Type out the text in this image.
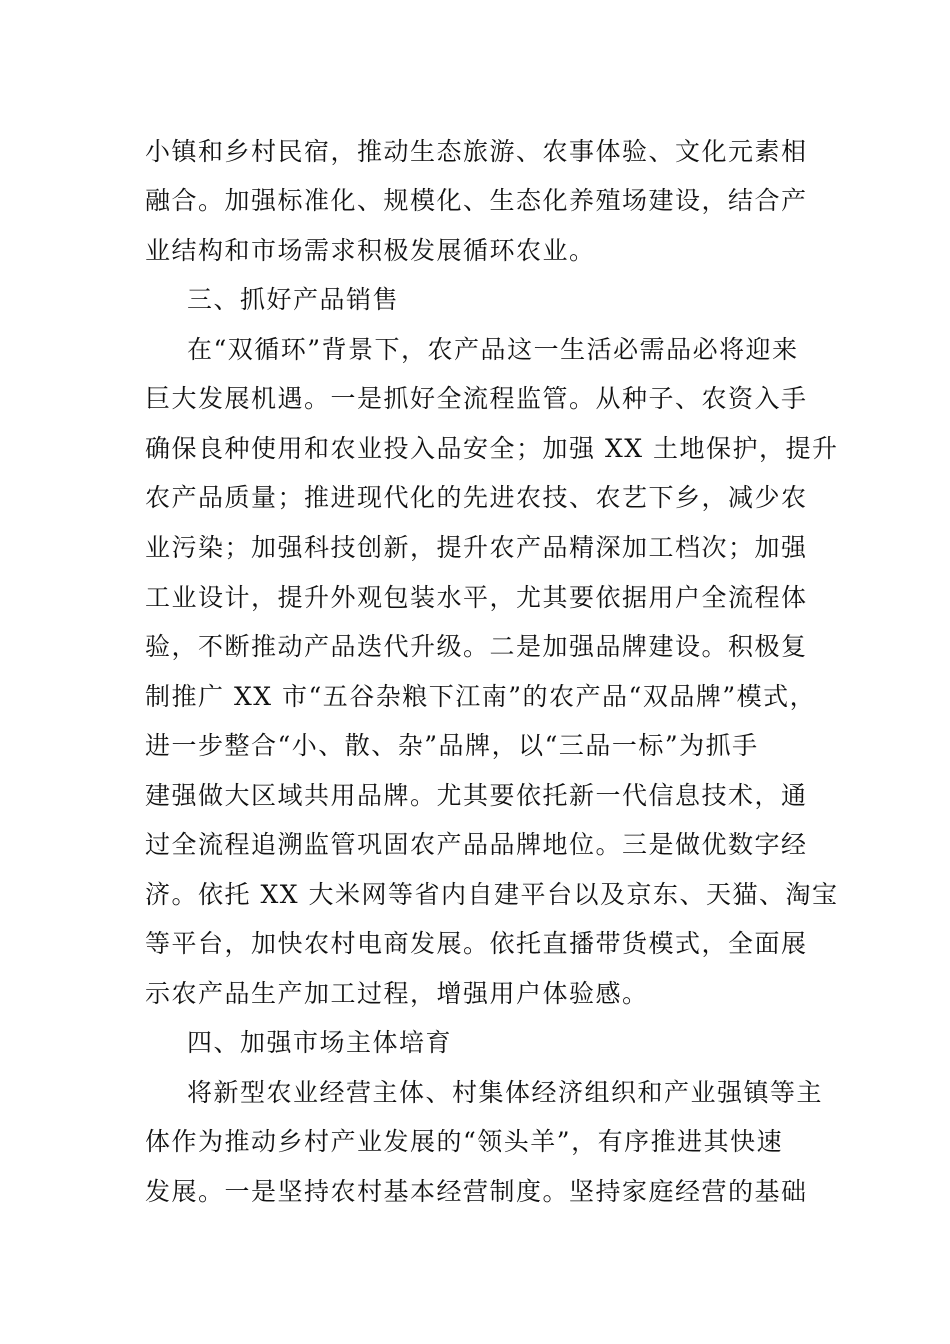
小镇和乡村民宿，推动生态旅游、农事体验、文化元素相
融合。加强标准化、规模化、生态化养殖场建设，结合产
业结构和市场需求积极发展循环农业。
三、抓好产品销售
在“双循环”背景下，农产品这一生活必需品必将迎来
巨大发展机遇。一是抓好全流程监管。从种子、农资入手
确保良种使用和农业投入品安全；加强 XX 土地保护，提升
农产品质量；推进现代化的先进农技、农艺下乡，减少农
业污染；加强科技创新，提升农产品精深加工档次；加强
工业设计，提升外观包装水平，尤其要依据用户全流程体
验，不断推动产品迭代升级。二是加强品牌建设。积极复
制推广 XX 市“五谷杂粮下江南”的农产品“双品牌”模式，
进一步整合“小、散、杂”品牌，以“三品一标”为抓手
建强做大区域共用品牌。尤其要依托新一代信息技术，通
过全流程追溯监管巩固农产品品牌地位。三是做优数字经
济。依托 XX 大米网等省内自建平台以及京东、天猫、淘宝
等平台，加快农村电商发展。依托直播带货模式，全面展
示农产品生产加工过程，增强用户体验感。
四、加强市场主体培育
将新型农业经营主体、村集体经济组织和产业强镇等主
体作为推动乡村产业发展的“领头羊”，有序推进其快速
发展。一是坚持农村基本经营制度。坚持家庭经营的基础
